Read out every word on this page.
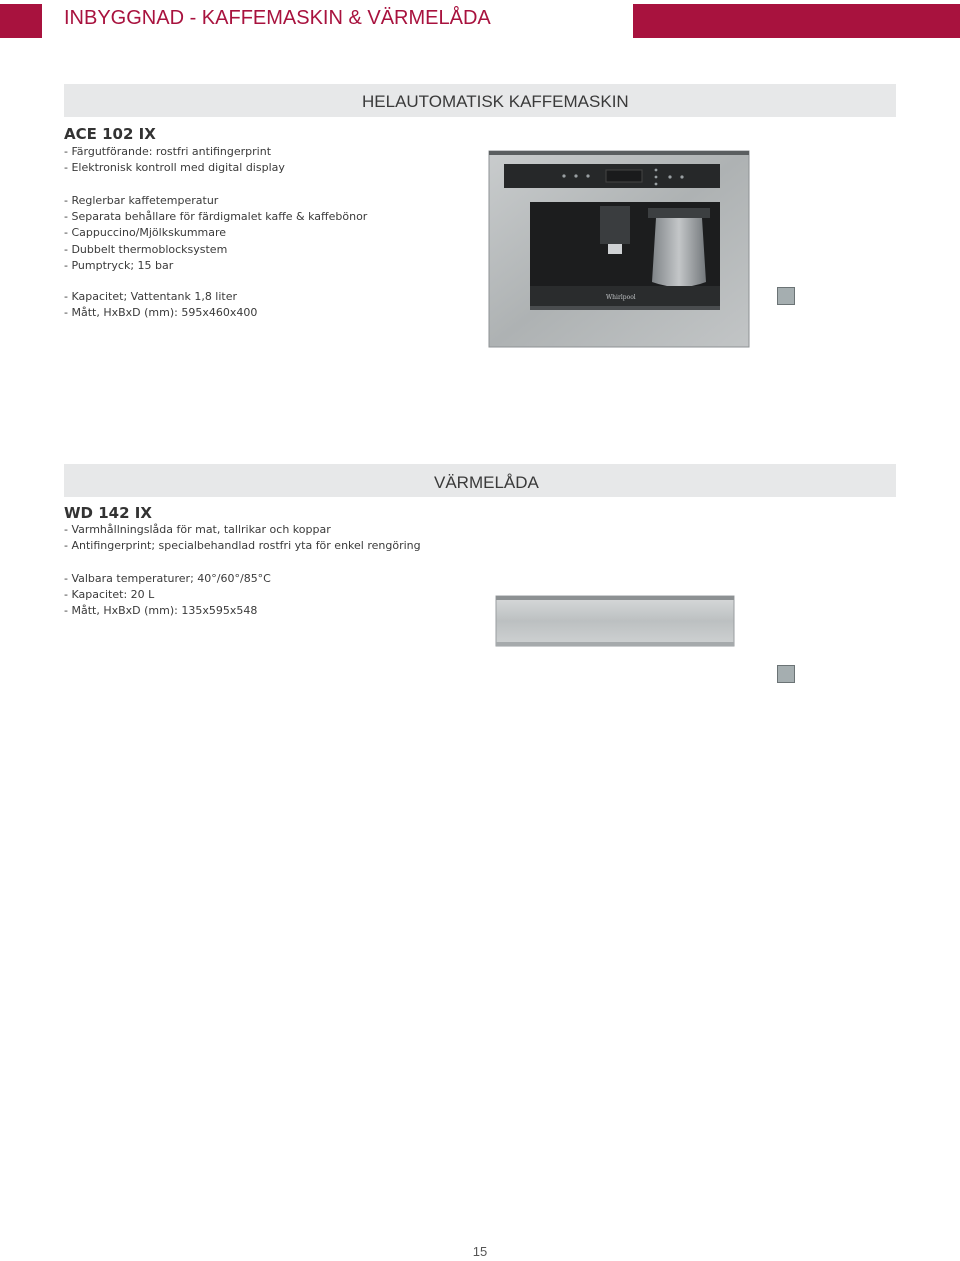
INBYGGNAD - KAFFEMASKIN & VÄRMELÅDA
HELAUTOMATISK KAFFEMASKIN
ACE 102 IX
- Färgutförande: rostfri antifingerprint
- Elektronisk kontroll med digital display
- Reglerbar kaffetemperatur
- Separata behållare för färdigmalet kaffe & kaffebönor
- Cappuccino/Mjölkskummare
- Dubbelt thermoblocksystem
- Pumptryck; 15 bar
- Kapacitet; Vattentank 1,8 liter
- Mått, HxBxD (mm): 595x460x400
Whirlpool
VÄRMELÅDA
WD 142 IX
- Varmhållningslåda för mat, tallrikar och koppar
- Antifingerprint; specialbehandlad rostfri yta för enkel rengöring
- Valbara temperaturer; 40°/60°/85°C
- Kapacitet: 20 L
- Mått, HxBxD (mm): 135x595x548
15
